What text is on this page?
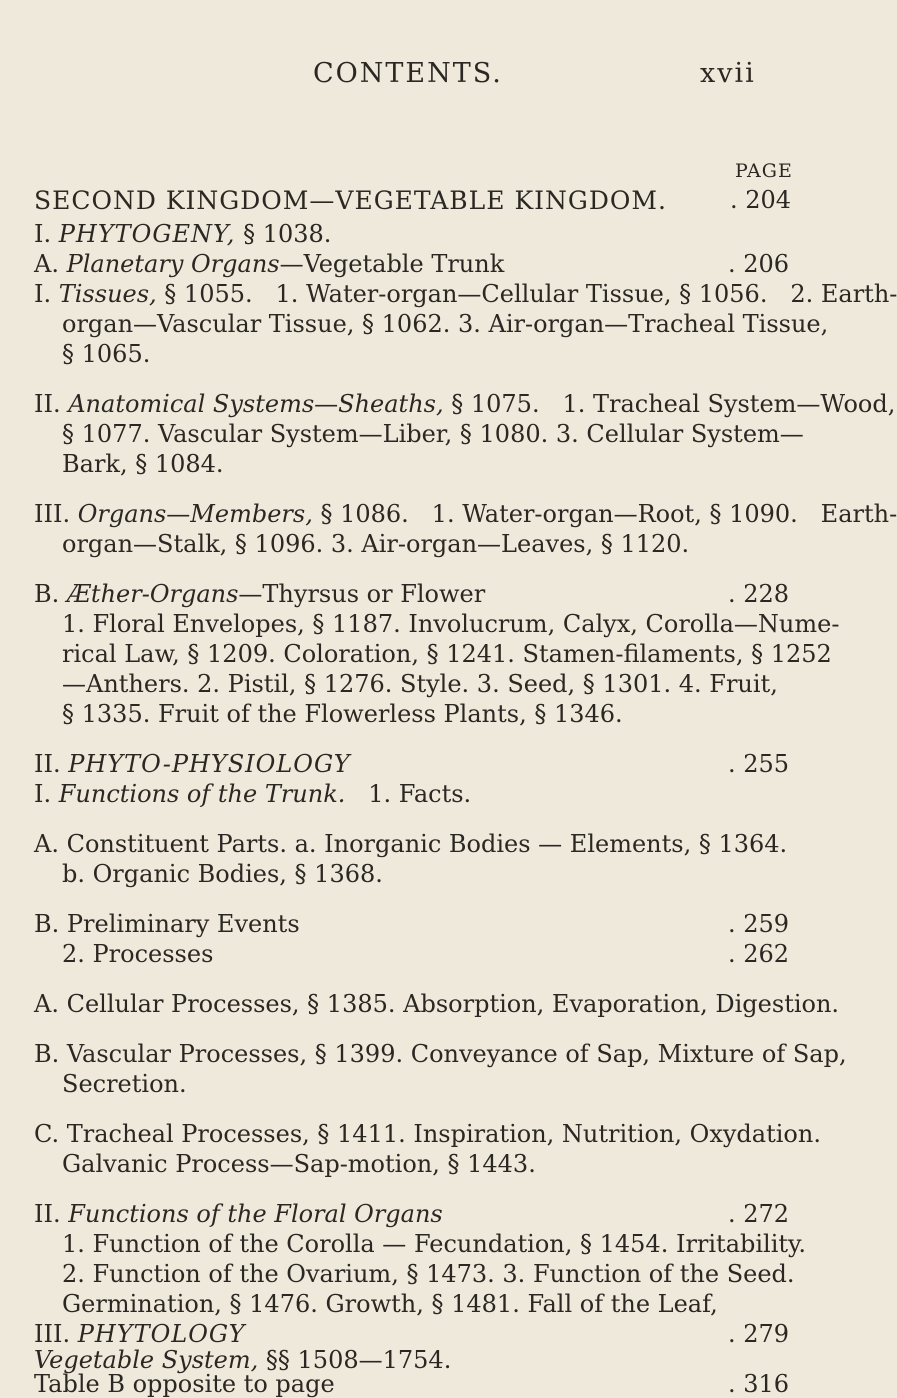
CONTENTS.	xvii
PAGE
SECOND KINGDOM—VEGETABLE KINGDOM.	. 204
I. PHYTOGENY, § 1038.
A. Planetary Organs—Vegetable Trunk	. 206
I. Tissues, § 1055.   1. Water-organ—Cellular Tissue, § 1056.   2. Earth-
organ—Vascular Tissue, § 1062. 3. Air-organ—Tracheal Tissue,
§ 1065.
II. Anatomical Systems—Sheaths, § 1075.   1. Tracheal System—Wood,
§ 1077. Vascular System—Liber, § 1080. 3. Cellular System—
Bark, § 1084.
III. Organs—Members, § 1086.   1. Water-organ—Root, § 1090.   Earth-
organ—Stalk, § 1096. 3. Air-organ—Leaves, § 1120.
B. Æther-Organs—Thyrsus or Flower	. 228
1. Floral Envelopes, § 1187. Involucrum, Calyx, Corolla—Nume-
rical Law, § 1209. Coloration, § 1241. Stamen-filaments, § 1252
—Anthers. 2. Pistil, § 1276. Style. 3. Seed, § 1301. 4. Fruit,
§ 1335. Fruit of the Flowerless Plants, § 1346.
II. PHYTO-PHYSIOLOGY	. 255
I. Functions of the Trunk.   1. Facts.
A. Constituent Parts. a. Inorganic Bodies — Elements, § 1364.
b. Organic Bodies, § 1368.
B. Preliminary Events	. 259
2. Processes	. 262
A. Cellular Processes, § 1385. Absorption, Evaporation, Digestion.
B. Vascular Processes, § 1399. Conveyance of Sap, Mixture of Sap,
Secretion.
C. Tracheal Processes, § 1411. Inspiration, Nutrition, Oxydation.
Galvanic Process—Sap-motion, § 1443.
II. Functions of the Floral Organs	. 272
1. Function of the Corolla — Fecundation, § 1454. Irritability.
2. Function of the Ovarium, § 1473. 3. Function of the Seed.
Germination, § 1476. Growth, § 1481. Fall of the Leaf,
III. PHYTOLOGY	. 279
Vegetable System, §§ 1508—1754.
Table B opposite to page	. 316
